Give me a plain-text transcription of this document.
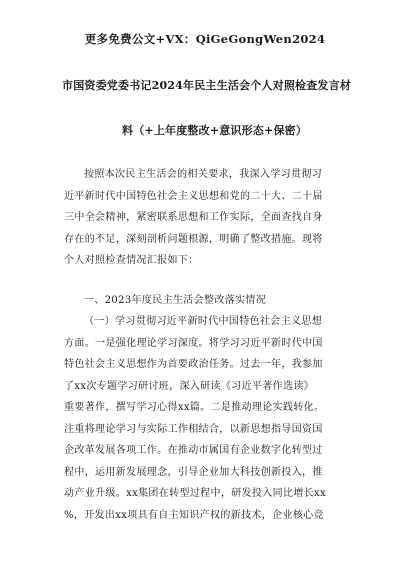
更多免费公文+VX：QiGeGongWen2024
市国资委党委书记2024年民主生活会个人对照检查发言材
料（+上年度整改+意识形态+保密）
按照本次民主生活会的相关要求，我深入学习贯彻习
近平新时代中国特色社会主义思想和党的二十大、二十届
三中全会精神，紧密联系思想和工作实际，全面查找自身
存在的不足，深刻剖析问题根源，明确了整改措施。现将
个人对照检查情况汇报如下：
一、2023年度民主生活会整改落实情况
（一）学习贯彻习近平新时代中国特色社会主义思想
方面。一是强化理论学习深度。将学习习近平新时代中国
特色社会主义思想作为首要政治任务。过去一年，我参加
了xx次专题学习研讨班，深入研读《习近平著作选读》
重要著作，撰写学习心得xx篇。二是推动理论实践转化。
注重将理论学习与实际工作相结合，以新思想指导国资国
企改革发展各项工作。在推动市属国有企业数字化转型过
程中，运用新发展理念，引导企业加大科技创新投入，推
动产业升级。xx集团在转型过程中，研发投入同比增长xx
%，开发出xx项具有自主知识产权的新技术，企业核心竞
